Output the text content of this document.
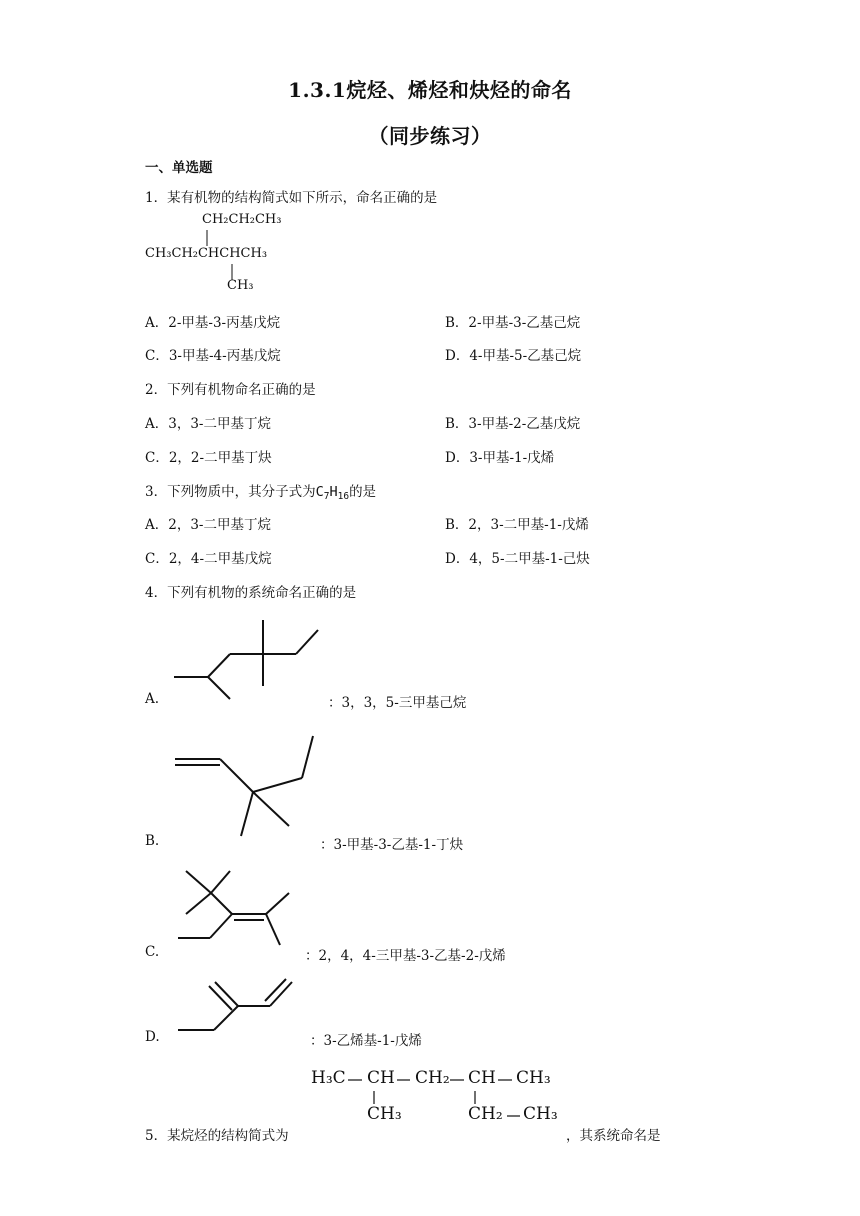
1.3.1烷烃、烯烃和炔烃的命名
（同步练习）
一、单选题
1．某有机物的结构简式如下所示，命名正确的是
CH₂CH₂CH₃
CH₃CH₂CHCHCH₃
CH₃
A．2-甲基-3-丙基戊烷	B．2-甲基-3-乙基己烷
C．3-甲基-4-丙基戊烷	D．4-甲基-5-乙基己烷
2．下列有机物命名正确的是
A．3，3-二甲基丁烷	B．3-甲基-2-乙基戊烷
C．2，2-二甲基丁炔	D．3-甲基-1-戊烯
3．下列物质中，其分子式为$C_7H_{16}$的是
A．2，3-二甲基丁烷	B．2，3-二甲基-1-戊烯
C．2，4-二甲基戊烷	D．4，5-二甲基-1-己炔
4．下列有机物的系统命名正确的是
A.	：3，3，5-三甲基己烷
B.	：3-甲基-3-乙基-1-丁炔
C.	：2，4，4-三甲基-3-乙基-2-戊烯
D.	：3-乙烯基-1-戊烯
5．某烷烃的结构简式为
H₃C CH CH₂ CH CH₃
CH₃	CH₂ CH₃
，其系统命名是
